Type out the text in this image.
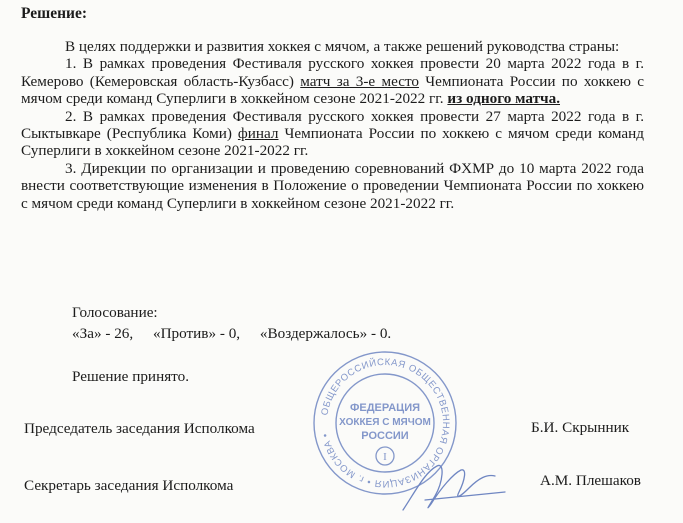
Решение:

В целях поддержки и развития хоккея с мячом, а также решений руководства страны:

1. В рамках проведения Фестиваля русского хоккея провести 20 марта 2022 года в г. Кемерово (Кемеровская область-Кузбасс) матч за 3-е место Чемпионата России по хоккею с мячом среди команд Суперлиги в хоккейном сезоне 2021-2022 гг. из одного матча.

2. В рамках проведения Фестиваля русского хоккея провести 27 марта 2022 года в г. Сыктывкаре (Республика Коми) финал Чемпионата России по хоккею с мячом среди команд Суперлиги в хоккейном сезоне 2021-2022 гг.

3. Дирекции по организации и проведению соревнований ФХМР до 10 марта 2022 года внести соответствующие изменения в Положение о проведении Чемпионата России по хоккею с мячом среди команд Суперлиги в хоккейном сезоне 2021-2022 гг.

Голосование:
«За» - 26, «Против» - 0, «Воздержалось» - 0.
Решение принято.
Председатель заседания Исполкома	Б.И. Скрынник
Секретарь заседания Исполкома	А.М. Плешаков
ОБЩЕРОССИЙСКАЯ ОБЩЕСТВЕННАЯ ОРГАНИЗАЦИЯ • г. МОСКВА •
ФЕДЕРАЦИЯ
ХОККЕЯ С МЯЧОМ
РОССИИ
I
